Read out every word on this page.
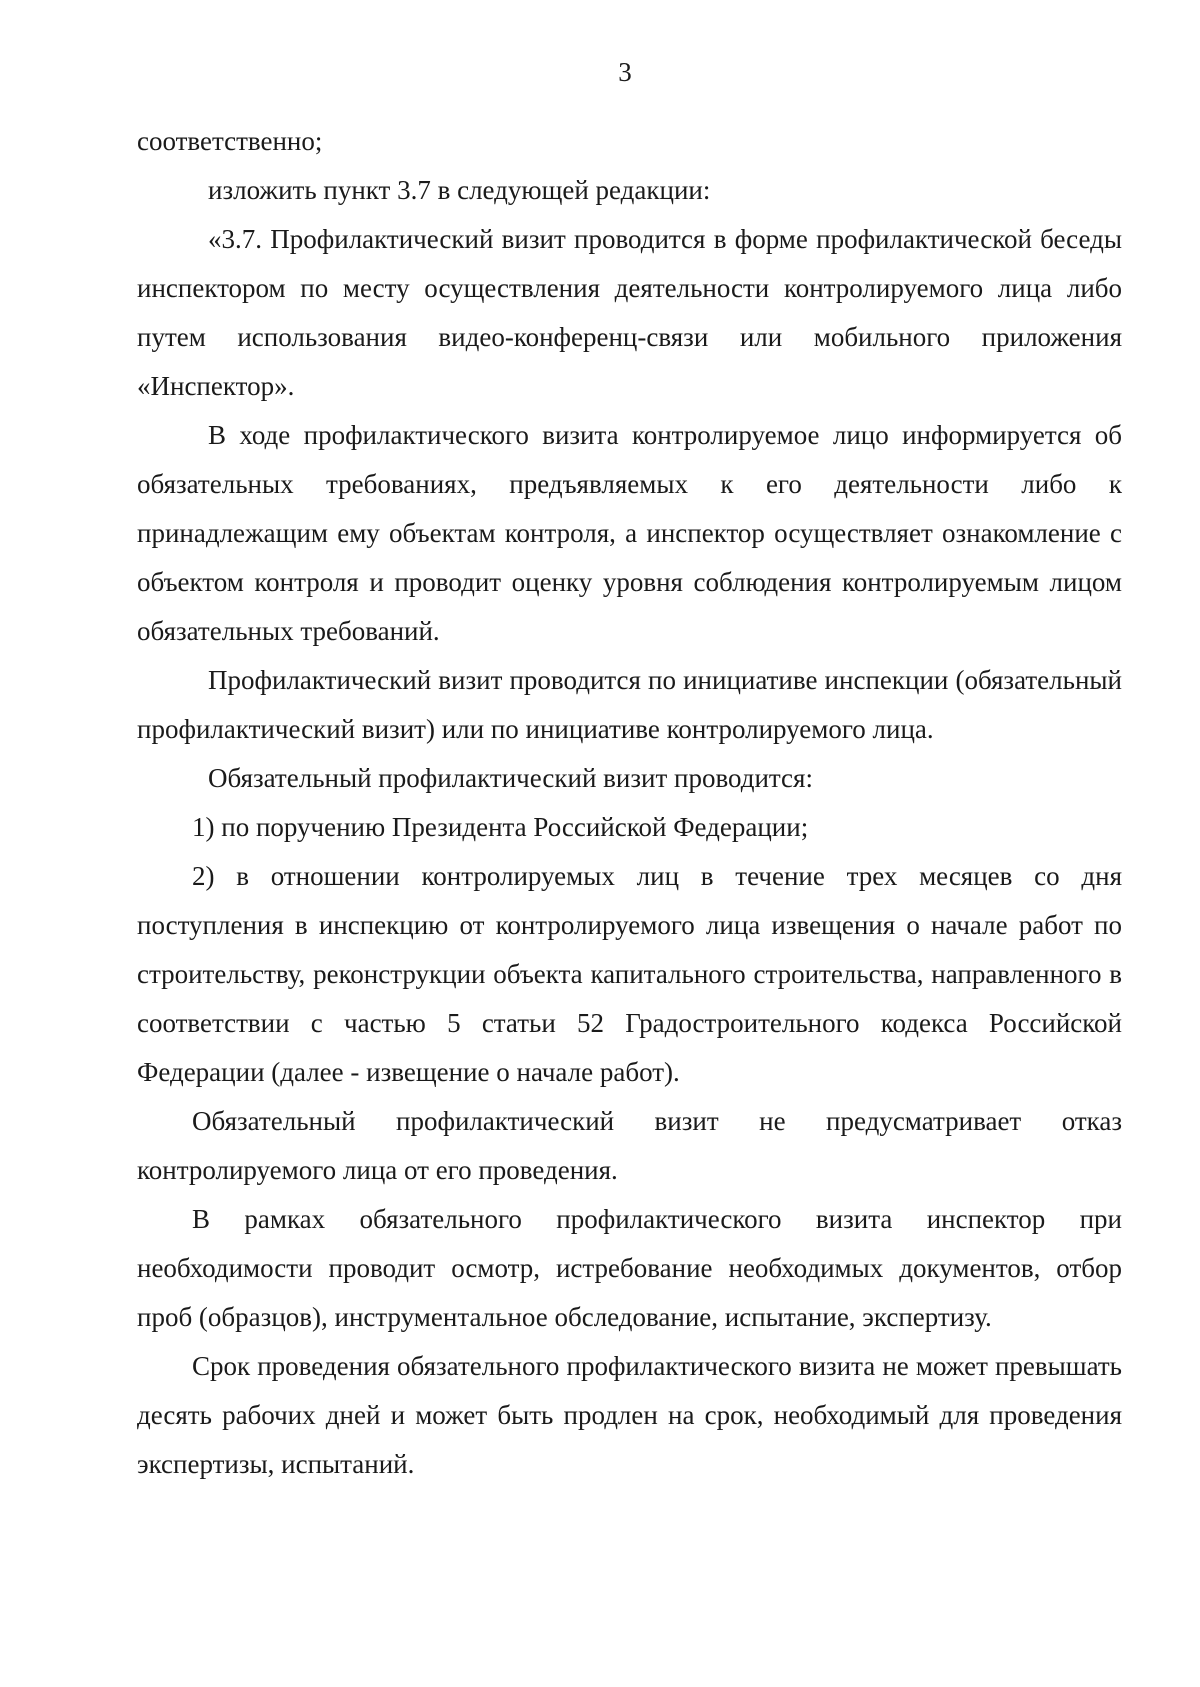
3

соответственно;

изложить пункт 3.7 в следующей редакции:

«3.7. Профилактический визит проводится в форме профилактической беседы инспектором по месту осуществления деятельности контролируемого лица либо путем использования видео-конференц-связи или мобильного приложения «Инспектор».

В ходе профилактического визита контролируемое лицо информируется об обязательных требованиях, предъявляемых к его деятельности либо к принадлежащим ему объектам контроля, а инспектор осуществляет ознакомление с объектом контроля и проводит оценку уровня соблюдения контролируемым лицом обязательных требований.

Профилактический визит проводится по инициативе инспекции (обязательный профилактический визит) или по инициативе контролируемого лица.

Обязательный профилактический визит проводится:

1) по поручению Президента Российской Федерации;

2) в отношении контролируемых лиц в течение трех месяцев со дня поступления в инспекцию от контролируемого лица извещения о начале работ по строительству, реконструкции объекта капитального строительства, направленного в соответствии с частью 5 статьи 52 Градостроительного кодекса Российской Федерации (далее - извещение о начале работ).

Обязательный профилактический визит не предусматривает отказ контролируемого лица от его проведения.

В рамках обязательного профилактического визита инспектор при необходимости проводит осмотр, истребование необходимых документов, отбор проб (образцов), инструментальное обследование, испытание, экспертизу.

Срок проведения обязательного профилактического визита не может превышать десять рабочих дней и может быть продлен на срок, необходимый для проведения экспертизы, испытаний.
